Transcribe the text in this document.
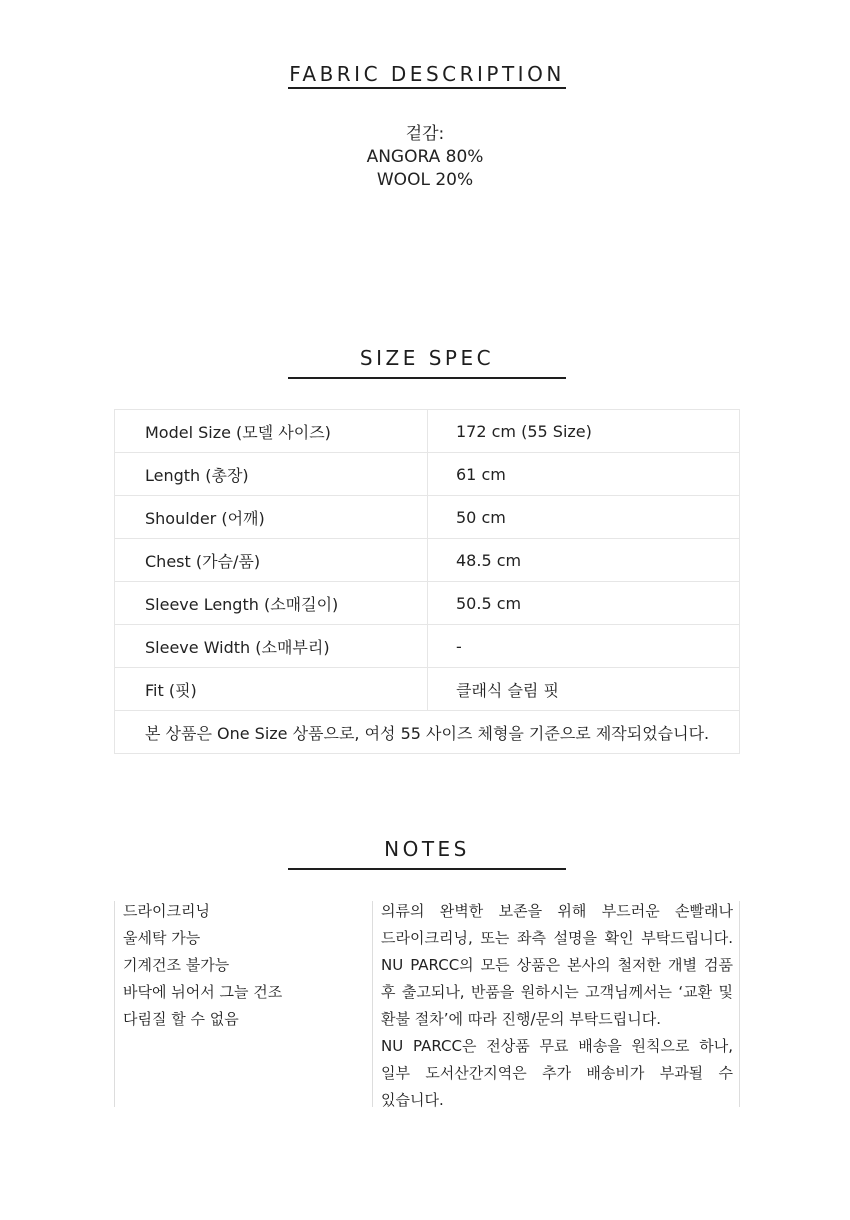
FABRIC DESCRIPTION
겉감:
ANGORA 80%
WOOL 20%
SIZE SPEC
Model Size (모델 사이즈)	172 cm (55 Size)
Length (총장)	61 cm
Shoulder (어깨)	50 cm
Chest (가슴/품)	48.5 cm
Sleeve Length (소매길이)	50.5 cm
Sleeve Width (소매부리)	-
Fit (핏)	클래식 슬림 핏
본 상품은 One Size 상품으로, 여성 55 사이즈 체형을 기준으로 제작되었습니다.	
NOTES
드라이크리닝
울세탁 가능
기계건조 불가능
바닥에 뉘어서 그늘 건조
다림질 할 수 없음
의류의 완벽한 보존을 위해 부드러운 손빨래나
드라이크리닝, 또는 좌측 설명을 확인 부탁드립니다.
NU PARCC의 모든 상품은 본사의 철저한 개별 검품
후 출고되나, 반품을 원하시는 고객님께서는 ‘교환 및
환불 절차’에 따라 진행/문의 부탁드립니다.
NU PARCC은 전상품 무료 배송을 원칙으로 하나,
일부 도서산간지역은 추가 배송비가 부과될 수
있습니다.
